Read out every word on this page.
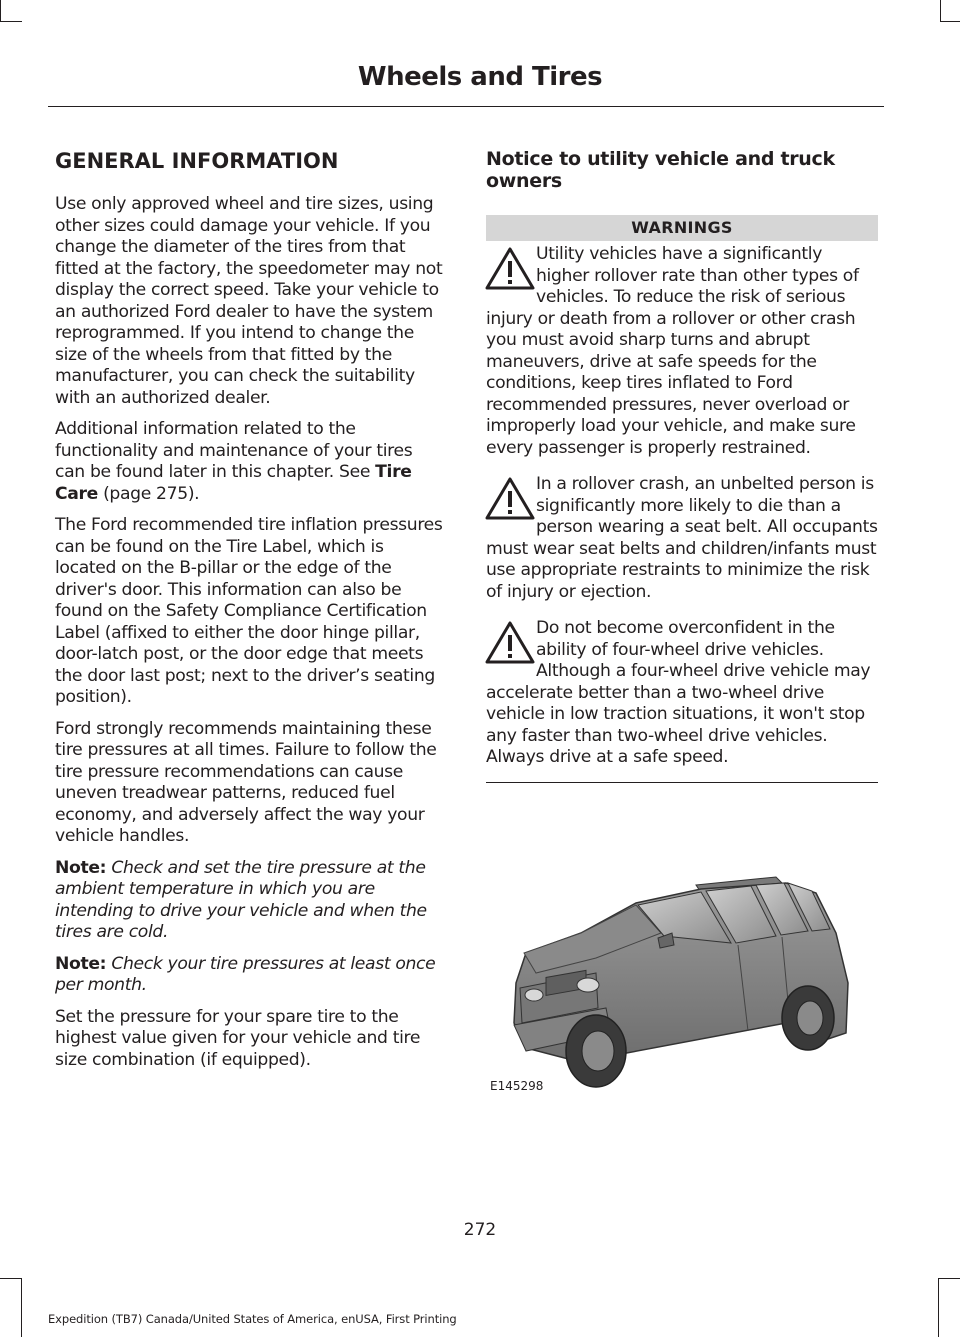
Wheels and Tires
GENERAL INFORMATION

Use only approved wheel and tire sizes, using other sizes could damage your vehicle. If you change the diameter of the tires from that fitted at the factory, the speedometer may not display the correct speed. Take your vehicle to an authorized Ford dealer to have the system reprogrammed. If you intend to change the size of the wheels from that fitted by the manufacturer, you can check the suitability with an authorized dealer.

Additional information related to the functionality and maintenance of your tires can be found later in this chapter. See Tire Care (page 275).

The Ford recommended tire inflation pressures can be found on the Tire Label, which is located on the B-pillar or the edge of the driver's door. This information can also be found on the Safety Compliance Certification Label (affixed to either the door hinge pillar, door-latch post, or the door edge that meets the door last post; next to the driver’s seating position).

Ford strongly recommends maintaining these tire pressures at all times. Failure to follow the tire pressure recommendations can cause uneven treadwear patterns, reduced fuel economy, and adversely affect the way your vehicle handles.

Note: Check and set the tire pressure at the ambient temperature in which you are intending to drive your vehicle and when the tires are cold.

Note: Check your tire pressures at least once per month.

Set the pressure for your spare tire to the highest value given for your vehicle and tire size combination (if equipped).

Notice to utility vehicle and truck owners
WARNINGS

Utility vehicles have a significantly higher rollover rate than other types of vehicles. To reduce the risk of serious injury or death from a rollover or other crash you must avoid sharp turns and abrupt maneuvers, drive at safe speeds for the conditions, keep tires inflated to Ford recommended pressures, never overload or improperly load your vehicle, and make sure every passenger is properly restrained.

In a rollover crash, an unbelted person is significantly more likely to die than a person wearing a seat belt. All occupants must wear seat belts and children/infants must use appropriate restraints to minimize the risk of injury or ejection.

Do not become overconfident in the ability of four-wheel drive vehicles. Although a four-wheel drive vehicle may accelerate better than a two-wheel drive vehicle in low traction situations, it won't stop any faster than two-wheel drive vehicles. Always drive at a safe speed.

E145298
272
Expedition (TB7) Canada/United States of America, enUSA, First Printing
